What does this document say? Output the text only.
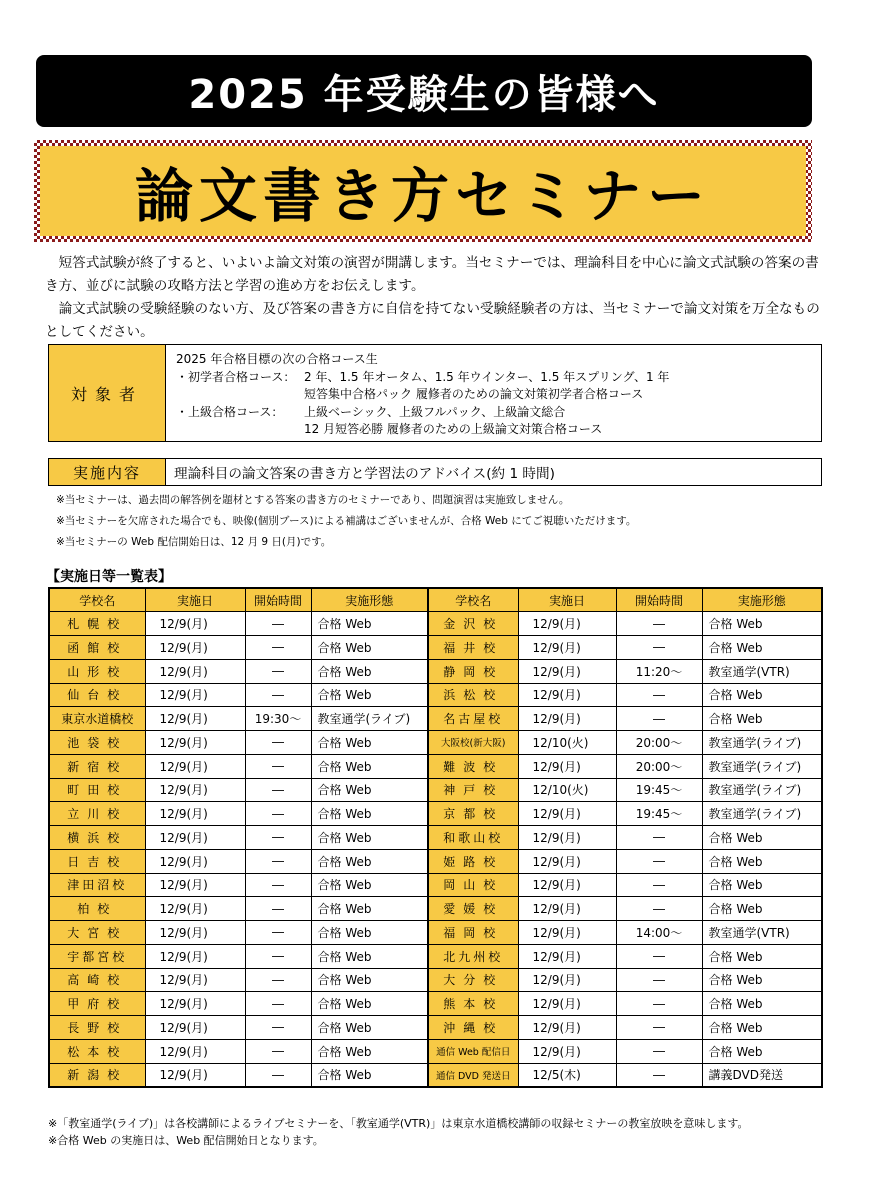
2025 年受験生の皆様へ
論文書き方セミナー

短答式試験が終了すると、いよいよ論文対策の演習が開講します。当セミナーでは、理論科目を中心に論文式試験の答案の書き方、並びに試験の攻略方法と学習の進め方をお伝えします。

論文式試験の受験経験のない方、及び答案の書き方に自信を持てない受験経験者の方は、当セミナーで論文対策を万全なものとしてください。

対象者
2025 年合格目標の次の合格コース生
・初学者合格コース： 2 年、1.5 年オータム、1.5 年ウインター、1.5 年スプリング、1 年
短答集中合格パック 履修者のための論文対策初学者合格コース
・上級合格コース：	上級ベーシック、上級フルパック、上級論文総合
12 月短答必勝 履修者のための上級論文対策合格コース
実施内容	理論科目の論文答案の書き方と学習法のアドバイス(約 1 時間)
※当セミナーは、過去問の解答例を題材とする答案の書き方のセミナーであり、問題演習は実施致しません。
※当セミナーを欠席された場合でも、映像(個別ブース)による補講はございませんが、合格 Web にてご視聴いただけます。
※当セミナーの Web 配信開始日は、12 月 9 日(月)です。
【実施日等一覧表】
学校名	実施日	開始時間	実施形態	学校名	実施日	開始時間	実施形態
札幌校	12/9(月)	―	合格 Web	金沢校	12/9(月)	―	合格 Web
函館校	12/9(月)	―	合格 Web	福井校	12/9(月)	―	合格 Web
山形校	12/9(月)	―	合格 Web	静岡校	12/9(月)	11:20～	教室通学(VTR)
仙台校	12/9(月)	―	合格 Web	浜松校	12/9(月)	―	合格 Web
東京水道橋校	12/9(月)	19:30～	教室通学(ライブ)	名古屋校	12/9(月)	―	合格 Web
池袋校	12/9(月)	―	合格 Web	大阪校(新大阪)	12/10(火)	20:00～	教室通学(ライブ)
新宿校	12/9(月)	―	合格 Web	難波校	12/9(月)	20:00～	教室通学(ライブ)
町田校	12/9(月)	―	合格 Web	神戸校	12/10(火)	19:45～	教室通学(ライブ)
立川校	12/9(月)	―	合格 Web	京都校	12/9(月)	19:45～	教室通学(ライブ)
横浜校	12/9(月)	―	合格 Web	和歌山校	12/9(月)	―	合格 Web
日吉校	12/9(月)	―	合格 Web	姫路校	12/9(月)	―	合格 Web
津田沼校	12/9(月)	―	合格 Web	岡山校	12/9(月)	―	合格 Web
柏校	12/9(月)	―	合格 Web	愛媛校	12/9(月)	―	合格 Web
大宮校	12/9(月)	―	合格 Web	福岡校	12/9(月)	14:00～	教室通学(VTR)
宇都宮校	12/9(月)	―	合格 Web	北九州校	12/9(月)	―	合格 Web
高崎校	12/9(月)	―	合格 Web	大分校	12/9(月)	―	合格 Web
甲府校	12/9(月)	―	合格 Web	熊本校	12/9(月)	―	合格 Web
長野校	12/9(月)	―	合格 Web	沖縄校	12/9(月)	―	合格 Web
松本校	12/9(月)	―	合格 Web	通信 Web 配信日	12/9(月)	―	合格 Web
新潟校	12/9(月)	―	合格 Web	通信 DVD 発送日	12/5(木)	―	講義DVD発送
※「教室通学(ライブ)」は各校講師によるライブセミナーを、「教室通学(VTR)」は東京水道橋校講師の収録セミナーの教室放映を意味します。
※合格 Web の実施日は、Web 配信開始日となります。
